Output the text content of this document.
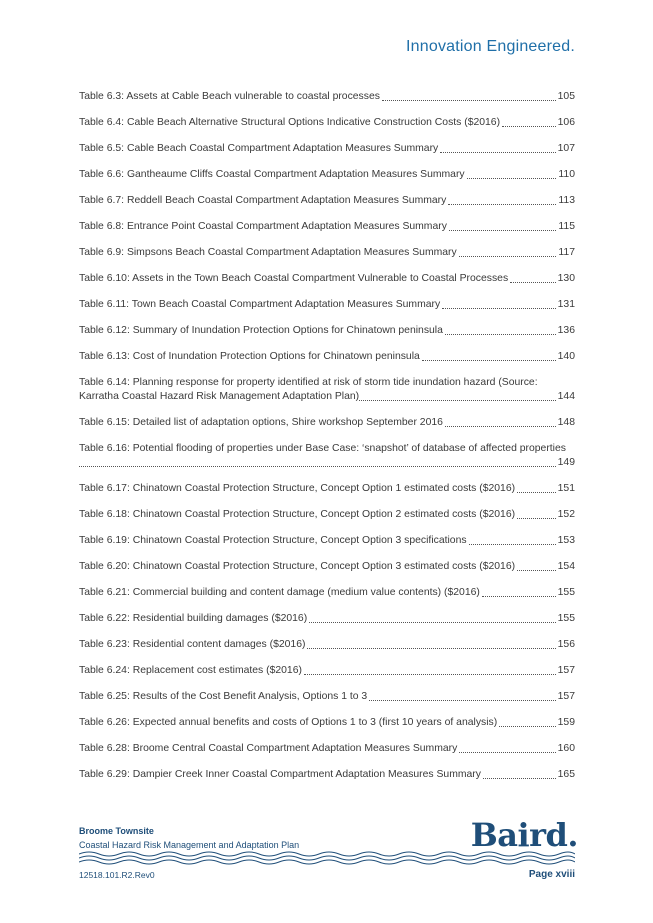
Innovation Engineered.
Table 6.3: Assets at Cable Beach vulnerable to coastal processes	105
Table 6.4: Cable Beach Alternative Structural Options Indicative Construction Costs ($2016)	106
Table 6.5: Cable Beach Coastal Compartment Adaptation Measures Summary	107
Table 6.6: Gantheaume Cliffs Coastal Compartment Adaptation Measures Summary	110
Table 6.7: Reddell Beach Coastal Compartment Adaptation Measures Summary	113
Table 6.8: Entrance Point Coastal Compartment Adaptation Measures Summary	115
Table 6.9: Simpsons Beach Coastal Compartment Adaptation Measures Summary	117
Table 6.10: Assets in the Town Beach Coastal Compartment Vulnerable to Coastal Processes	130
Table 6.11: Town Beach Coastal Compartment Adaptation Measures Summary	131
Table 6.12: Summary of Inundation Protection Options for Chinatown peninsula	136
Table 6.13: Cost of Inundation Protection Options for Chinatown peninsula	140
Table 6.14: Planning response for property identified at risk of storm tide inundation hazard (Source:
Karratha Coastal Hazard Risk Management Adaptation Plan)	144
Table 6.15: Detailed list of adaptation options, Shire workshop September 2016	148
Table 6.16: Potential flooding of properties under Base Case: ‘snapshot’ of database of affected properties
149
Table 6.17: Chinatown Coastal Protection Structure, Concept Option 1 estimated costs ($2016)	151
Table 6.18: Chinatown Coastal Protection Structure, Concept Option 2 estimated costs ($2016)	152
Table 6.19: Chinatown Coastal Protection Structure, Concept Option 3 specifications	153
Table 6.20: Chinatown Coastal Protection Structure, Concept Option 3 estimated costs ($2016)	154
Table 6.21: Commercial building and content damage (medium value contents) ($2016)	155
Table 6.22: Residential building damages ($2016)	155
Table 6.23: Residential content damages ($2016)	156
Table 6.24: Replacement cost estimates ($2016)	157
Table 6.25: Results of the Cost Benefit Analysis, Options 1 to 3	157
Table 6.26: Expected annual benefits and costs of Options 1 to 3 (first 10 years of analysis)	159
Table 6.28: Broome Central Coastal Compartment Adaptation Measures Summary	160
Table 6.29: Dampier Creek Inner Coastal Compartment Adaptation Measures Summary	165
Broome Townsite
Coastal Hazard Risk Management and Adaptation Plan	Baird.
12518.101.R2.Rev0	Page xviii
